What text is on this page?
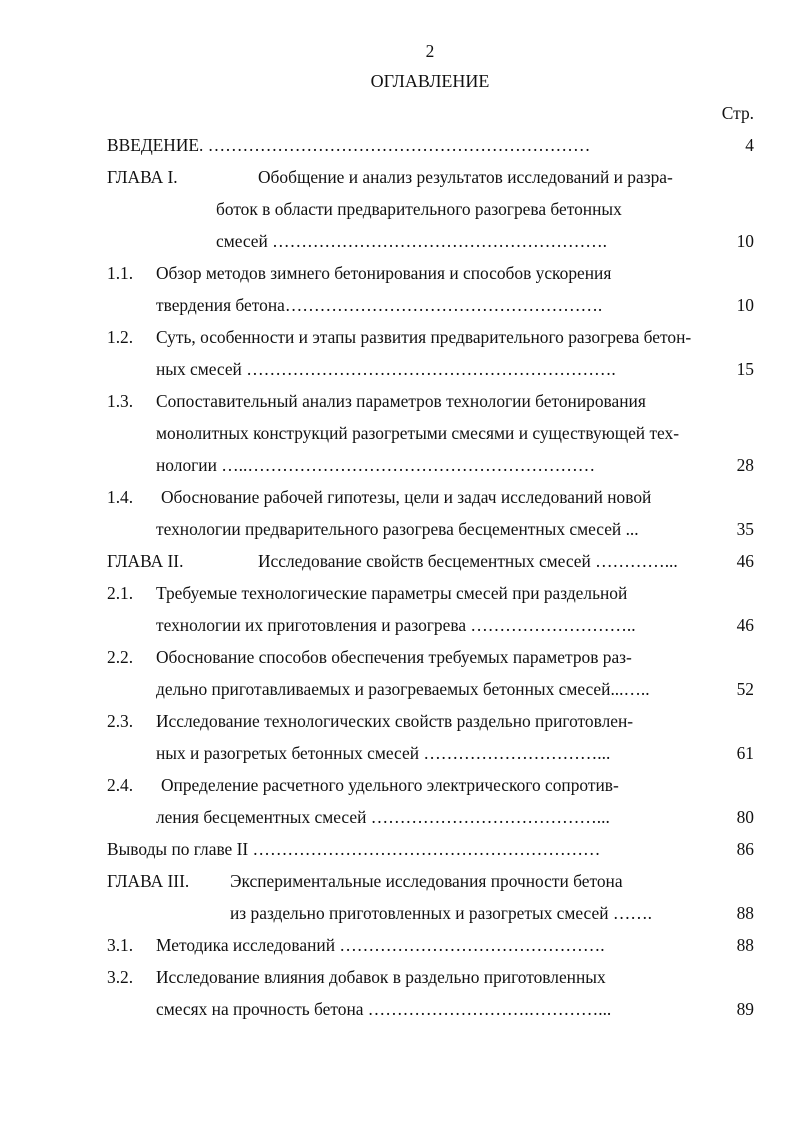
2
ОГЛАВЛЕНИЕ
Стр.
ВВЕДЕНИЕ. …………………………………………………………	4
ГЛАВА I.	Обобщение и анализ результатов исследований и разра-
боток в области предварительного разогрева бетонных
смесей ………………………………………………….	10
1.1. Обзор методов зимнего бетонирования и способов ускорения
твердения бетона……………………………………………….	10
1.2. Суть, особенности и этапы развития предварительного разогрева бетон-
ных смесей ……………………………………………………….	15
1.3. Сопоставительный анализ параметров технологии бетонирования
монолитных конструкций разогретыми смесями и существующей тех-
нологии …..……………………………………………………	28
1.4. Обоснование рабочей гипотезы, цели и задач исследований новой
технологии предварительного разогрева бесцементных смесей ...	35
ГЛАВА II.	Исследование свойств бесцементных смесей …………...	46
2.1. Требуемые технологические параметры смесей при раздельной
технологии их приготовления и разогрева ………………………..	46
2.2. Обоснование способов обеспечения требуемых параметров раз-
дельно приготавливаемых и разогреваемых бетонных смесей...…..	52
2.3. Исследование технологических свойств раздельно приготовлен-
ных и разогретых бетонных смесей …………………………...	61
2.4. Определение расчетного удельного электрического сопротив-
ления бесцементных смесей …………………………………...	80
Выводы по главе II ……………………………………………………	86
ГЛАВА III. Экспериментальные исследования прочности бетона
из раздельно приготовленных и разогретых смесей …….	88
3.1. Методика исследований ……………………………………….	88
3.2. Исследование влияния добавок в раздельно приготовленных
смесях на прочность бетона ……………………….…………...	89
